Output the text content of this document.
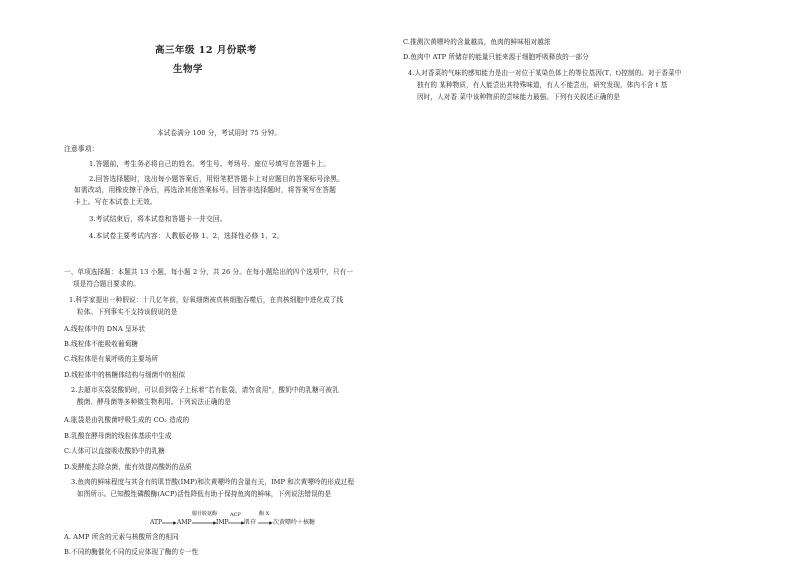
高三年级 12 月份联考
生物学
本试卷满分 100 分，考试用时 75 分钟。
注意事项：
1.答题前，考生务必将自己的姓名、考生号、考场号、座位号填写在答题卡上。
2.回答选择题时，选出每小题答案后，用铅笔把答题卡上对应题目的答案标号涂黑。
如需改动，用橡皮擦干净后，再选涂其他答案标号。回答非选择题时，将答案写在答题
卡上。写在本试卷上无效。
3.考试结束后，将本试卷和答题卡一并交回。
4.本试卷主要考试内容：人教版必修 1、2，选择性必修 1、2。
一、单项选择题：本题共 13 小题，每小题 2 分，共 26 分。在每小题给出的四个选项中，只有一
项是符合题目要求的。
1.科学家提出一种假说：十几亿年前，好氧细菌被真核细胞吞噬后，在真核细胞中进化成了线
粒体。下列事实不支持该假说的是
A.线粒体中的 DNA 呈环状
B.线粒体不能吸收葡萄糖
C.线粒体是有氧呼吸的主要场所
D.线粒体中的核糖体结构与细菌中的相似
2.去超市买袋装酸奶时，可以看到袋子上标着“若有胀袋，请勿食用”，酸奶中的乳糖可被乳
酸菌、酵母菌等多种微生物利用。下列说法正确的是
A.胀袋是由乳酸菌呼吸生成的 CO₂ 造成的
B.乳酸在酵母菌的线粒体基质中生成
C.人体可以直接吸收酸奶中的乳糖
D.发酵能去除杂菌，能有效提高酸奶的品质
3.鱼肉的鲜味程度与其含有的肌苷酸(IMP)和次黄嘌呤的含量有关，IMP 和次黄嘌呤的形成过程
如图所示。已知酸性磷酸酶(ACP)活性降低有助于保持鱼肉的鲜味，下列说法错误的是
ATP AMP
腺苷脱氨酶
IMP
ACP
肌苷
酶 X
次黄嘌呤＋核糖
A. AMP 所含的元素与核酸所含的相同
B.不同的酶催化不同的反应体现了酶的专一性
C.推测次黄嘌呤的含量越高，鱼肉的鲜味相对越浓
D.鱼肉中 ATP 所储存的能量只能来源于细胞呼吸释放的一部分
4.人对香菜的气味的感知能力是由一对位于某染色体上的等位基因(T、t)控制的。对于香菜中
独有的 某种物质，有人能尝出其特殊味道，有人不能尝出，研究发现，体内不含 t 基
因时，人对香 菜中该种物质的尝味能力最强。下列有关叙述正确的是
